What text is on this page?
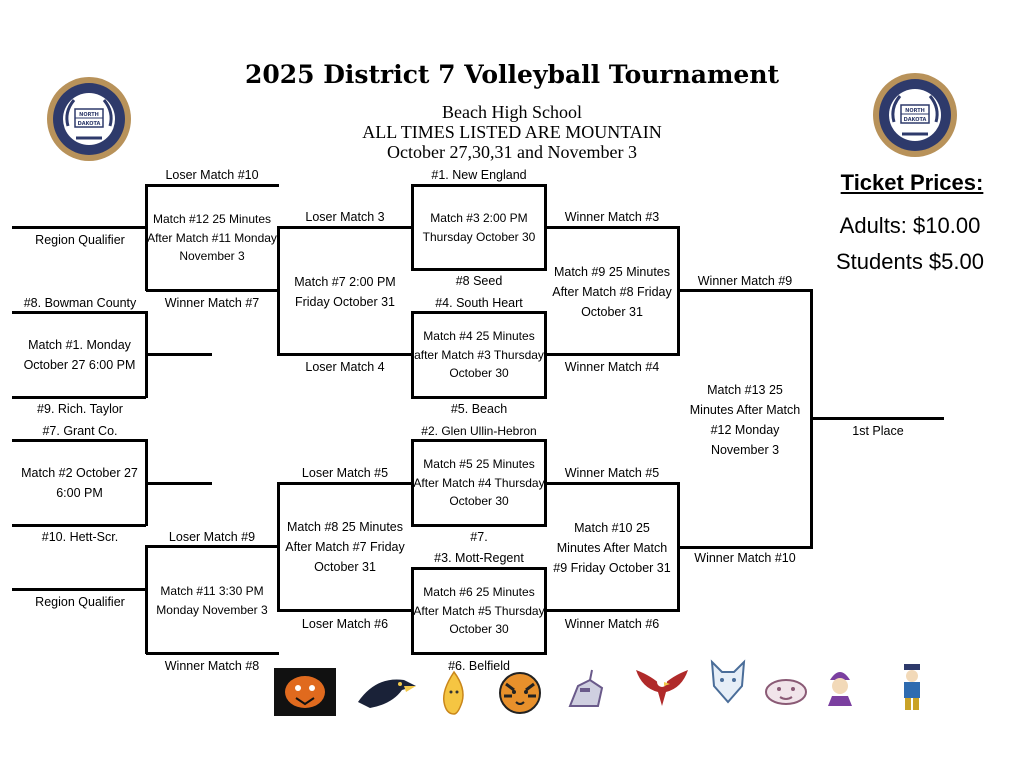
2025 District 7 Volleyball Tournament
Beach High School
ALL TIMES LISTED ARE MOUNTAIN
October 27,30,31 and November 3
NORTH
DAKOTA
NORTH
DAKOTA
Ticket Prices:
Adults: $10.00
Students $5.00
Loser Match #10
Region Qualifier
Winner Match #7
#8. Bowman County
#9. Rich. Taylor
#7. Grant Co.
#10. Hett-Scr.	Loser Match #9
Region Qualifier
Winner Match #8
Loser Match 3
Loser Match 4
Loser Match #5
Loser Match #6
#1. New England
#8 Seed
#4. South Heart
#5. Beach
#2. Glen Ullin-Hebron
#7.
#3. Mott-Regent
#6. Belfield
Winner Match #3
Winner Match #4
Winner Match #5
Winner Match #6
Winner Match #9
Winner Match #10
1st Place
Match #12 25 Minutes
After Match #11 Monday
November 3
Match #1. Monday
October 27 6:00 PM
Match #2 October 27
6:00 PM
Match #11 3:30 PM
Monday November 3
Match #7 2:00 PM
Friday October 31
Match #8 25 Minutes
After Match #7 Friday
October 31
Match #3 2:00 PM
Thursday October 30
Match #4 25 Minutes
after Match #3 Thursday
October 30
Match #5 25 Minutes
After Match #4 Thursday
October 30
Match #6 25 Minutes
After Match #5 Thursday
October 30
Match #9 25 Minutes
After Match #8 Friday
October 31
Match #10 25
Minutes After Match
#9 Friday October 31
Match #13 25
Minutes After Match
#12 Monday
November 3
